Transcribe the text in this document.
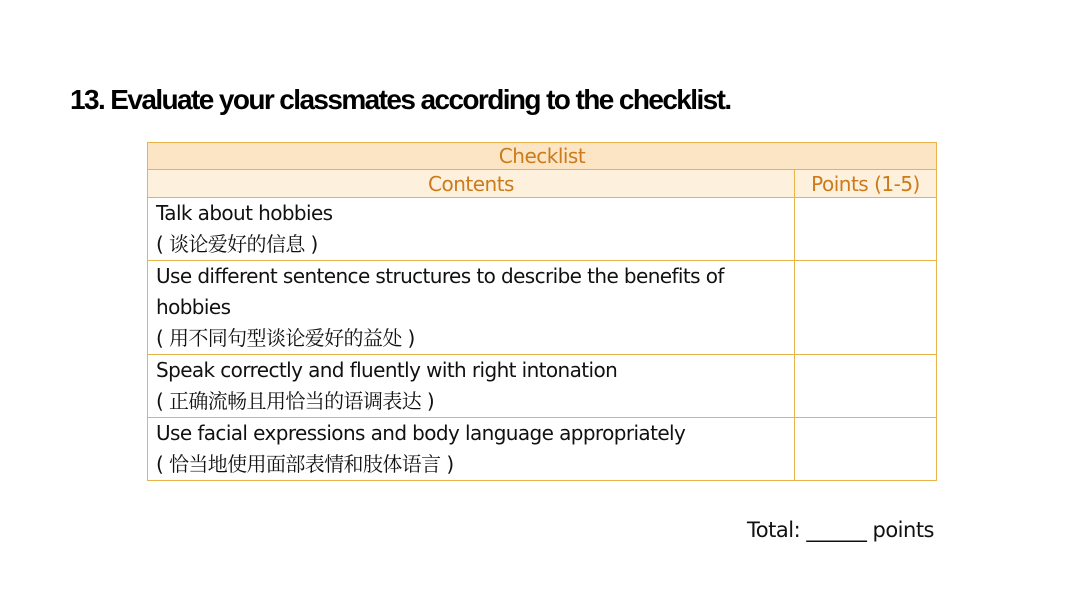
13. Evaluate your classmates according to the checklist.
Checklist	
Contents	Points (1-5)

Talk about hobbies
( 谈论爱好的信息 )	

Use different sentence structures to describe the benefits of hobbies
( 用不同句型谈论爱好的益处 )	

Speak correctly and fluently with right intonation
( 正确流畅且用恰当的语调表达 )	

Use facial expressions and body language appropriately
( 恰当地使用面部表情和肢体语言 )	

Total: ______ points
